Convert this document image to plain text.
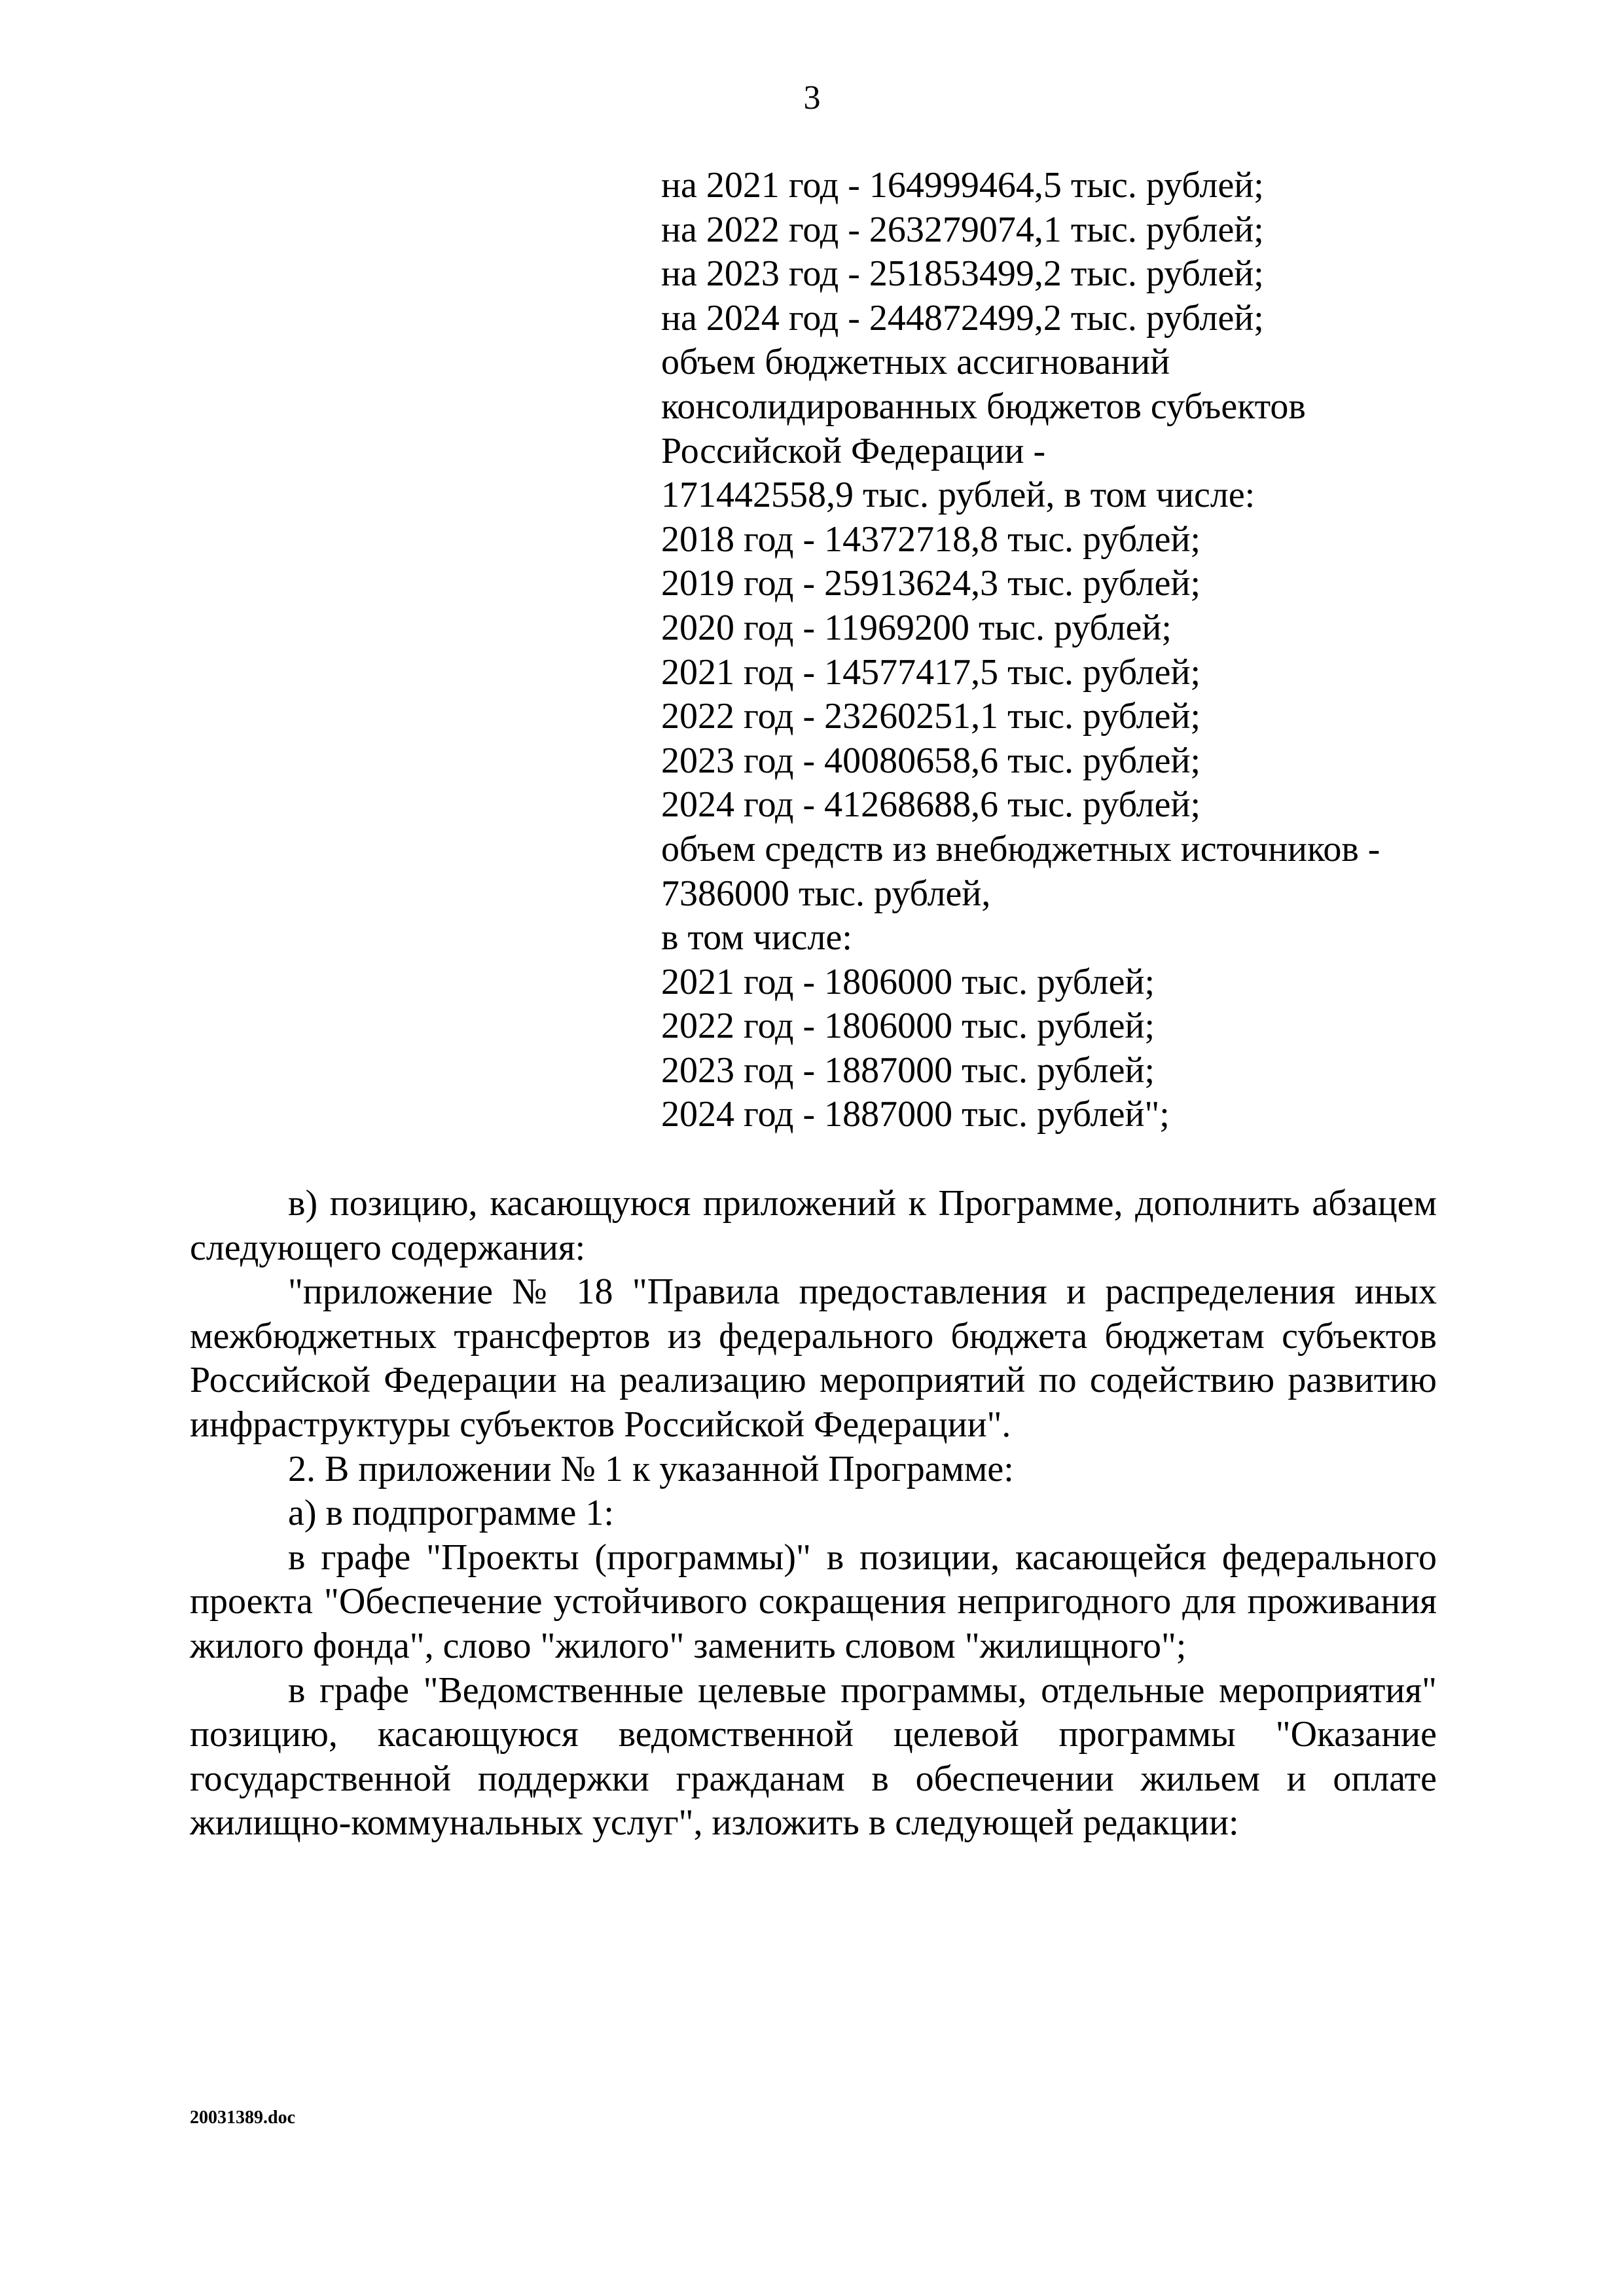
3
на 2021 год - 164999464,5 тыс. рублей;
на 2022 год - 263279074,1 тыс. рублей;
на 2023 год - 251853499,2 тыс. рублей;
на 2024 год - 244872499,2 тыс. рублей;
объем бюджетных ассигнований
консолидированных бюджетов субъектов
Российской Федерации -
171442558,9 тыс. рублей, в том числе:
2018 год - 14372718,8 тыс. рублей;
2019 год - 25913624,3 тыс. рублей;
2020 год - 11969200 тыс. рублей;
2021 год - 14577417,5 тыс. рублей;
2022 год - 23260251,1 тыс. рублей;
2023 год - 40080658,6 тыс. рублей;
2024 год - 41268688,6 тыс. рублей;
объем средств из внебюджетных источников -
7386000 тыс. рублей,
в том числе:
2021 год - 1806000 тыс. рублей;
2022 год - 1806000 тыс. рублей;
2023 год - 1887000 тыс. рублей;
2024 год - 1887000 тыс. рублей";

в) позицию, касающуюся приложений к Программе, дополнить абзацем следующего содержания:

"приложение № 18 "Правила предоставления и распределения иных межбюджетных трансфертов из федерального бюджета бюджетам субъектов Российской Федерации на реализацию мероприятий по содействию развитию инфраструктуры субъектов Российской Федерации".

2. В приложении № 1 к указанной Программе:

а) в подпрограмме 1:

в графе "Проекты (программы)" в позиции, касающейся федерального проекта "Обеспечение устойчивого сокращения непригодного для проживания жилого фонда", слово "жилого" заменить словом "жилищного";

в графе "Ведомственные целевые программы, отдельные мероприятия" позицию, касающуюся ведомственной целевой программы "Оказание государственной поддержки гражданам в обеспечении жильем и оплате жилищно-коммунальных услуг", изложить в следующей редакции:

20031389.doc
